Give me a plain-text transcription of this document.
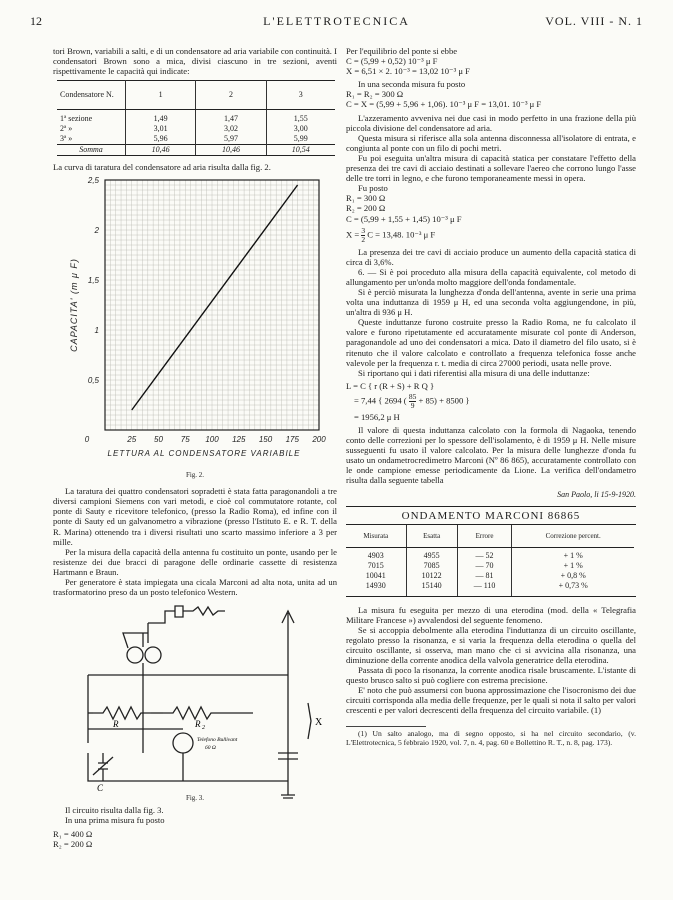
12	L'ELETTROTECNICA	VOL. VIII - N. 1

tori Brown, variabili a salti, e di un condensatore ad aria variabile con continuità. I condensatori Brown sono a mica, divisi ciascuno in tre sezioni, aventi rispettivamente le capacità qui indicate:

Condensatore N.	1	2	3
1ª sezione	1,49	1,47	1,55
2ª »	3,01	3,02	3,00
3ª »	5,96	5,97	5,99
Somma	10,46	10,46	10,54

La curva di taratura del condensatore ad aria risulta dalla fig. 2.

0	25 50 75 100 125 150 175 200
0,5
1
1,5
2
2,5
LETTURA AL CONDENSATORE VARIABILE
CAPACITA' (m μ F)
Fig. 2.

La taratura dei quattro condensatori sopradetti è stata fatta paragonandoli a tre diversi campioni Siemens con vari metodi, e cioè col commutatore rotante, col ponte di Sauty e ricevitore telefonico, (presso la Radio Roma), ed infine con il ponte di Sauty ed un galvanometro a vibrazione (presso l'Istituto E. e R. T. della R. Marina) ottenendo tra i diversi risultati uno scarto massimo inferiore a 3 per mille.

Per la misura della capacità della antenna fu costituito un ponte, usando per le resistenze dei due bracci di paragone delle ordinarie cassette di resistenza Hartmann e Braun.

Per generatore è stata impiegata una cicala Marconi ad alta nota, unita ad un trasformatorino preso da un posto telefonico Western.

R	R 2
C
X
Telefono Bullivant
60 Ω
Fig. 3.

Il circuito risulta dalla fig. 3.

In una prima misura fu posto

R₁ = 400 Ω

R₂ = 200 Ω

Per l'equilibrio del ponte si ebbe

C = (5,99 + 0,52) 10⁻³ μ F

X = 6,51 × 2. 10⁻³ = 13,02 10⁻³ μ F

In una seconda misura fu posto

R₁ = R₂ = 300 Ω

C = X = (5,99 + 5,96 + 1,06). 10⁻³ μ F = 13,01. 10⁻³ μ F

L'azzeramento avveniva nei due casi in modo perfetto in una frazione della più piccola divisione del condensatore ad aria.

Questa misura si riferisce alla sola antenna disconnessa all'isolatore di entrata, e congiunta al ponte con un filo di pochi metri.

Fu poi eseguita un'altra misura di capacità statica per constatare l'effetto della presenza dei tre cavi di acciaio destinati a sollevare l'aereo che corrono lungo l'asse delle tre torri in legno, e che furono temporaneamente messi in opera.

Fu posto

R₁ = 300 Ω

R₂ = 200 Ω

C = (5,99 + 1,55 + 1,45) 10⁻³ μ F

$X = \frac{3}{2}$ C = 13,48. 10⁻³ μ F

La presenza dei tre cavi di acciaio produce un aumento della capacità statica di circa di 3,6%.

6. — Si è poi proceduto alla misura della capacità equivalente, col metodo di allungamento per un'onda molto maggiore dell'onda fondamentale.

Si è perciò misurata la lunghezza d'onda dell'antenna, avente in serie una prima volta una induttanza di 1959 μ H, ed una seconda volta aggiungendone, in più, un'altra di 936 μ H.

Queste induttanze furono costruite presso la Radio Roma, ne fu calcolato il valore e furono ripetutamente ed accuratamente misurate col ponte di Anderson, paragonandole ad uno dei condensatori a mica. Dato il diametro del filo usato, si è ritenuto che il valore calcolato e controllato a frequenza telefonica fosse anche valevole per la frequenza r. t. media di circa 27000 periodi, usata nelle prove.

Si riportano qui i dati riferentisi alla misura di una delle induttanze:

L = C { r (R + S) + R Q }

= 7,44 { 2694 ( $\frac{85}{9} + 85) + 8500$ }

= 1956,2 μ H

Il valore di questa induttanza calcolato con la formola di Nagaoka, tenendo conto delle correzioni per lo spessore dell'isolamento, è di 1959 μ H. Nelle misure susseguenti fu usato il valore calcolato. Per la misura delle lunghezze d'onda fu usato un ondametrocredimetro Marconi (Nº 86 865), accuratamente controllato con le onde campione emesse periodicamente da Lione. La verifica dell'ondametro risulta dalla seguente tabella

San Paolo, li 15-9-1920.

ONDAMENTO MARCONI 86865
Misurata	Esatta	Errore	Correzione percent.
4903	4955	— 52	+ 1 %
7015	7085	— 70	+ 1 %
10041	10122	— 81	+ 0,8 %
14930	15140	— 110	+ 0,73 %

La misura fu eseguita per mezzo di una eterodina (mod. della « Telegrafia Militare Francese ») avvalendosi del seguente fenomeno.

Se si accoppia debolmente alla eterodina l'induttanza di un circuito oscillante, regolato presso la risonanza, e si varia la frequenza della eterodina o quella del circuito oscillante, si osserva, man mano che ci si avvicina alla risonanza, una diminuzione della corrente anodica della valvola generatrice della eterodina.

Passata di poco la risonanza, la corrente anodica risale bruscamente. L'istante di questo brusco salto si può cogliere con estrema precisione.

E' noto che può assumersi con buona approssimazione che l'isocronismo dei due circuiti corrisponda alla media delle frequenze, per le quali si nota il salto per valori crescenti e per valori decrescenti della frequenza del circuito variabile. (1)

(1) Un salto analogo, ma di segno opposto, si ha nel circuito secondario, (v. L'Elettrotecnica, 5 febbraio 1920, vol. 7, n. 4, pag. 60 e Bollettino R. T., n. 8, pag. 173).
